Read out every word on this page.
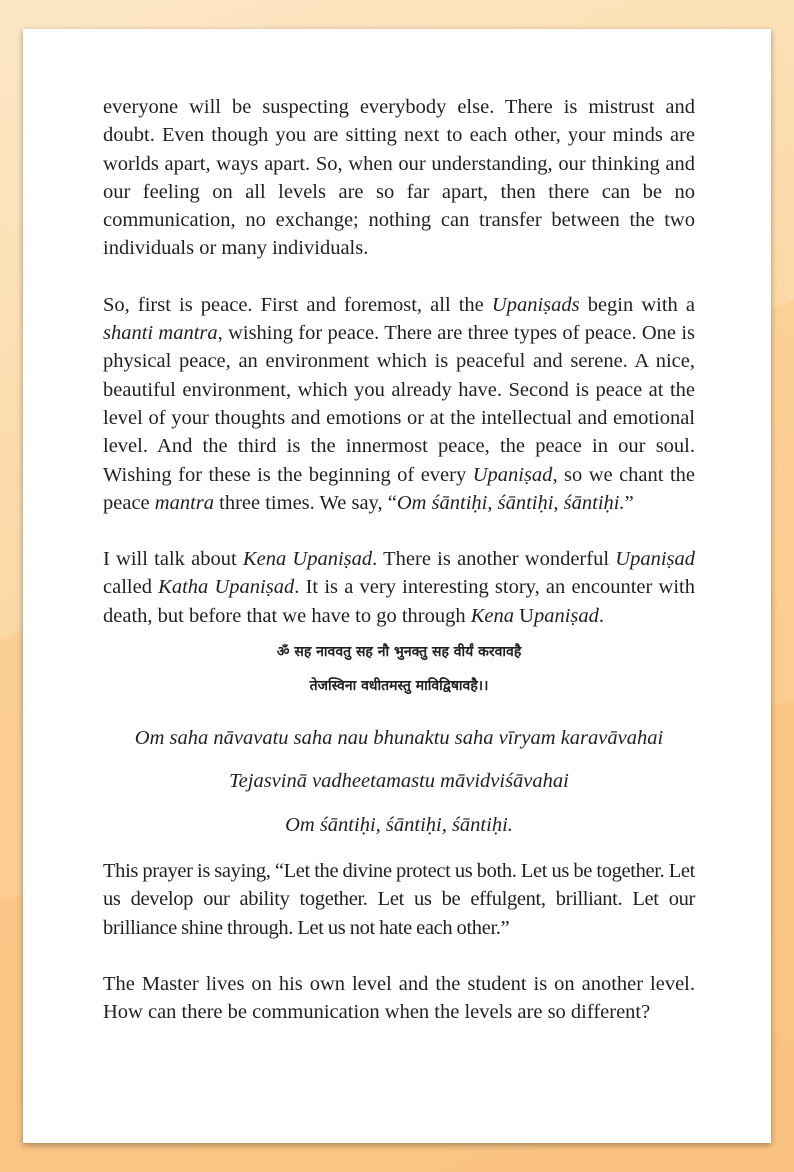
everyone will be suspecting everybody else. There is mistrust and doubt. Even though you are sitting next to each other, your minds are worlds apart, ways apart. So, when our understanding, our thinking and our feeling on all levels are so far apart, then there can be no communication, no exchange; nothing can transfer between the two individuals or many individuals.

So, first is peace. First and foremost, all the Upaniṣads begin with a shanti mantra, wishing for peace. There are three types of peace. One is physical peace, an environment which is peaceful and serene. A nice, beautiful environment, which you already have. Second is peace at the level of your thoughts and emotions or at the intellectual and emotional level. And the third is the innermost peace, the peace in our soul. Wishing for these is the beginning of every Upaniṣad, so we chant the peace mantra three times. We say, “Om śāntiḥi, śāntiḥi, śāntiḥi.”

I will talk about Kena Upaniṣad. There is another wonderful Upaniṣad called Katha Upaniṣad. It is a very interesting story, an encounter with death, but before that we have to go through Kena Upaniṣad.

ॐ सह नाववतु सह नौ भुनक्तु सह वीर्यं करवावहै

तेजस्विना वधीतमस्तु माविद्विषावहै।।

Om saha nāvavatu saha nau bhunaktu saha vīryam karavāvahai

Tejasvinā vadheetamastu māvidviśāvahai

Om śāntiḥi, śāntiḥi, śāntiḥi.

This prayer is saying, “Let the divine protect us both. Let us be together. Let us develop our ability together. Let us be effulgent, brilliant. Let our brilliance shine through. Let us not hate each other.”

The Master lives on his own level and the student is on another level. How can there be communication when the levels are so different?
